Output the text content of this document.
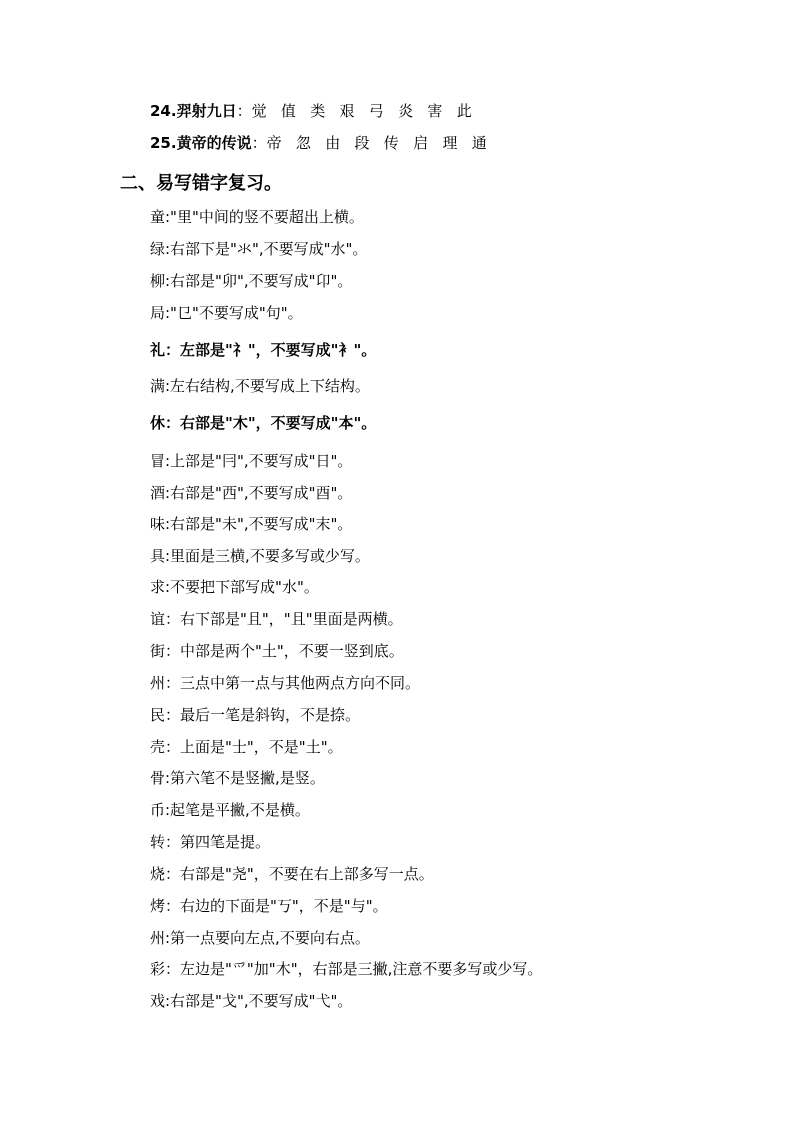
24.羿射九日：觉   值   类   艰   弓   炎   害   此
25.黄帝的传说：帝   忽   由   段   传   启   理   通
二、易写错字复习。
童:"里"中间的竖不要超出上横。
绿:右部下是"氺",不要写成"水"。
柳:右部是"卯",不要写成"卬"。
局:"㔾"不要写成"句"。
礼：左部是"礻"，不要写成"衤"。
满:左右结构,不要写成上下结构。
休：右部是"木"，不要写成"本"。
冒:上部是"冃",不要写成"日"。
酒:右部是"西",不要写成"酉"。
味:右部是"未",不要写成"末"。
具:里面是三横,不要多写或少写。
求:不要把下部写成"水"。
谊：右下部是"且"，"且"里面是两横。
街：中部是两个"土"，不要一竖到底。
州：三点中第一点与其他两点方向不同。
民：最后一笔是斜钩，不是捺。
壳：上面是"士"，不是"土"。
骨:第六笔不是竖撇,是竖。
币:起笔是平撇,不是横。
转：第四笔是提。
烧：右部是"尧"，不要在右上部多写一点。
烤：右边的下面是"丂"，不是"与"。
州:第一点要向左点,不要向右点。
彩：左边是"爫"加"木"，右部是三撇,注意不要多写或少写。
戏:右部是"戈",不要写成"弋"。
